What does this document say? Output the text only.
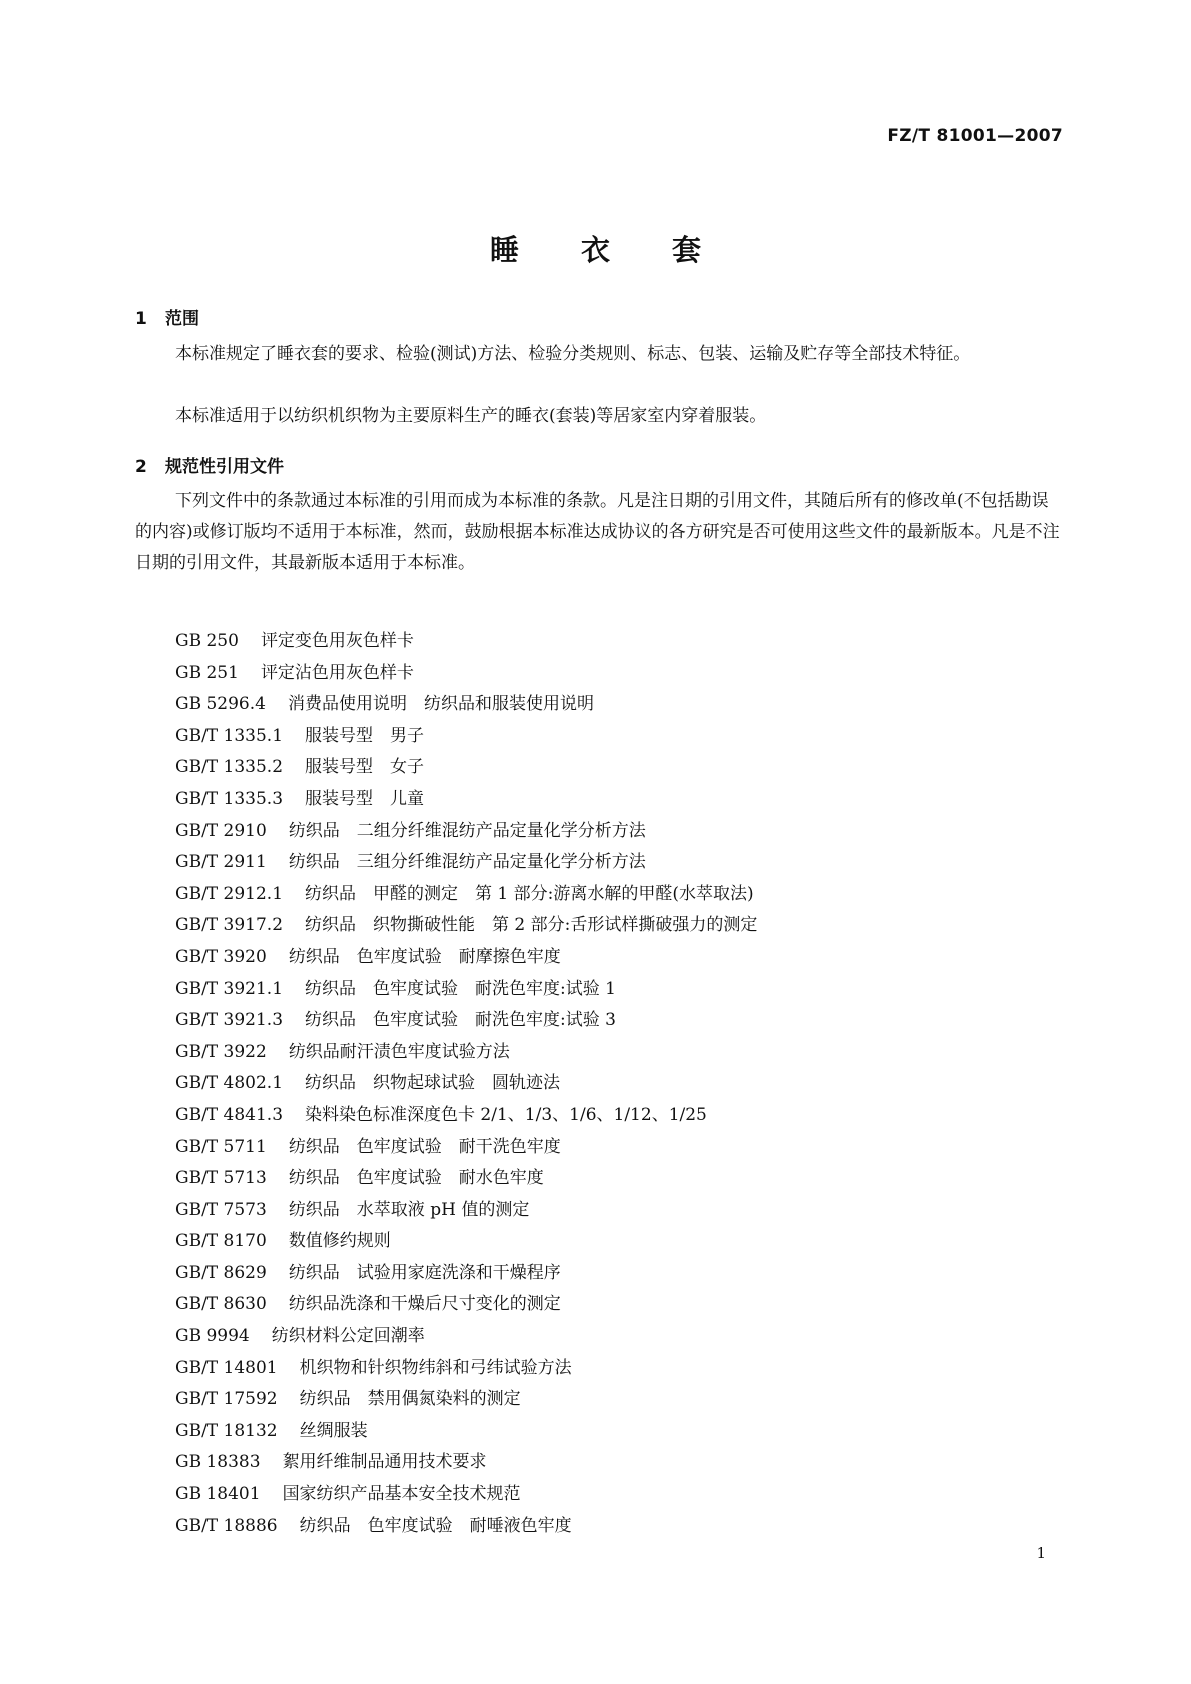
FZ/T 81001—2007
睡衣套
1 范围

本标准规定了睡衣套的要求、检验(测试)方法、检验分类规则、标志、包装、运输及贮存等全部技术特征。

本标准适用于以纺织机织物为主要原料生产的睡衣(套装)等居家室内穿着服装。

2 规范性引用文件

下列文件中的条款通过本标准的引用而成为本标准的条款。凡是注日期的引用文件，其随后所有的修改单(不包括勘误的内容)或修订版均不适用于本标准，然而，鼓励根据本标准达成协议的各方研究是否可使用这些文件的最新版本。凡是不注日期的引用文件，其最新版本适用于本标准。

GB 250 评定变色用灰色样卡
GB 251 评定沾色用灰色样卡
GB 5296.4 消费品使用说明　纺织品和服装使用说明
GB/T 1335.1 服装号型　男子
GB/T 1335.2 服装号型　女子
GB/T 1335.3 服装号型　儿童
GB/T 2910 纺织品　二组分纤维混纺产品定量化学分析方法
GB/T 2911 纺织品　三组分纤维混纺产品定量化学分析方法
GB/T 2912.1 纺织品　甲醛的测定　第 1 部分:游离水解的甲醛(水萃取法)
GB/T 3917.2 纺织品　织物撕破性能　第 2 部分:舌形试样撕破强力的测定
GB/T 3920 纺织品　色牢度试验　耐摩擦色牢度
GB/T 3921.1 纺织品　色牢度试验　耐洗色牢度:试验 1
GB/T 3921.3 纺织品　色牢度试验　耐洗色牢度:试验 3
GB/T 3922 纺织品耐汗渍色牢度试验方法
GB/T 4802.1 纺织品　织物起球试验　圆轨迹法
GB/T 4841.3 染料染色标准深度色卡 2/1、1/3、1/6、1/12、1/25
GB/T 5711 纺织品　色牢度试验　耐干洗色牢度
GB/T 5713 纺织品　色牢度试验　耐水色牢度
GB/T 7573 纺织品　水萃取液 pH 值的测定
GB/T 8170 数值修约规则
GB/T 8629 纺织品　试验用家庭洗涤和干燥程序
GB/T 8630 纺织品洗涤和干燥后尺寸变化的测定
GB 9994 纺织材料公定回潮率
GB/T 14801 机织物和针织物纬斜和弓纬试验方法
GB/T 17592 纺织品　禁用偶氮染料的测定
GB/T 18132 丝绸服装
GB 18383 絮用纤维制品通用技术要求
GB 18401 国家纺织产品基本安全技术规范
GB/T 18886 纺织品　色牢度试验　耐唾液色牢度
1
